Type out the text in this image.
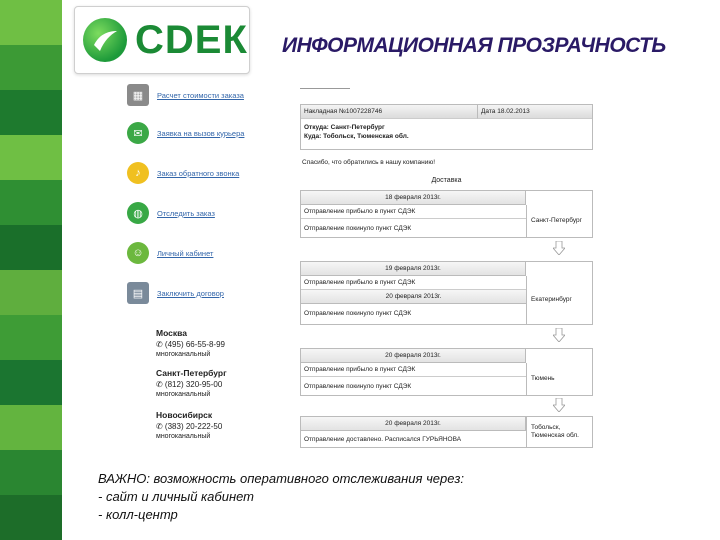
СDЕК ИНФОРМАЦИОННАЯ ПРОЗРАЧНОСТЬ
▦	Расчет стоимости заказа
✉	Заявка на вызов курьера
♪	Заказ обратного звонка
◍	Отследить заказ
☺	Личный кабинет
▤	Заключить договор
Москва
✆ (495) 66-55-8-99
многоканальный
Санкт-Петербург
✆ (812) 320-95-00
многоканальный
Новосибирск
✆ (383) 20-222-50
многоканальный
Накладная №1007228746	Дата 18.02.2013
Откуда: Санкт-Петербург
Куда: Тобольск, Тюменская обл.
Спасибо, что обратились в нашу компанию!
Доставка
18 февраля 2013г.
Отправление прибыло в пункт СДЭК
Отправление покинуло пункт СДЭК
Санкт-Петербург
19 февраля 2013г.
Отправление прибыло в пункт СДЭК
20 февраля 2013г.
Отправление покинуло пункт СДЭК
Екатеринбург
20 февраля 2013г.
Отправление прибыло в пункт СДЭК
Отправление покинуло пункт СДЭК
Тюмень
20 февраля 2013г.
Отправление доставлено. Расписался ГУРЬЯНОВА
Тобольск, Тюменская обл.
ВАЖНО: возможность оперативного отслеживания через:
- сайт и личный кабинет
- колл-центр
